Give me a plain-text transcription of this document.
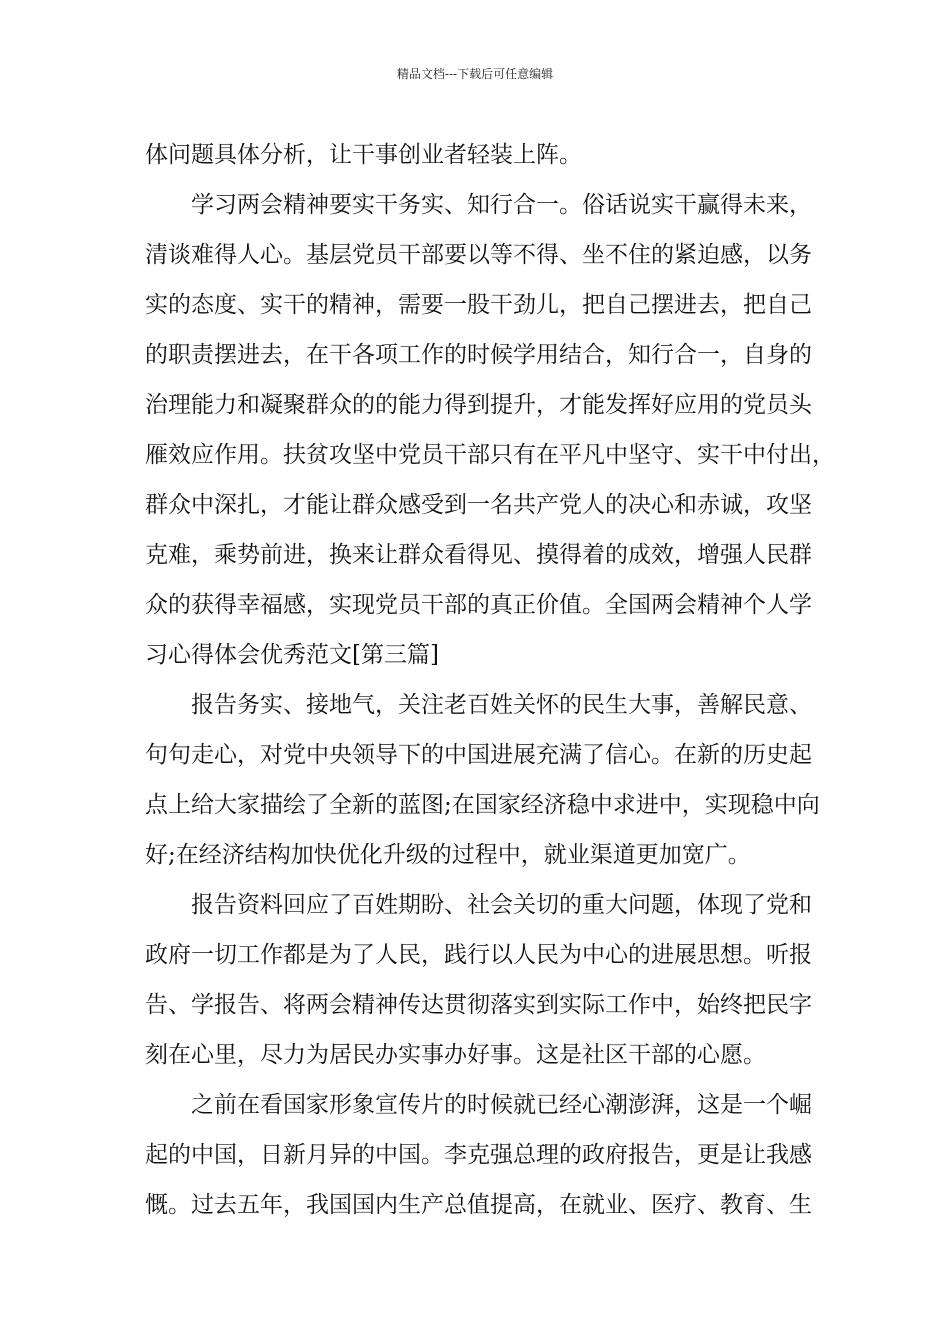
精品文档---下载后可任意编辑
体问题具体分析，让干事创业者轻装上阵。
学习两会精神要实干务实、知行合一。俗话说实干赢得未来，
清谈难得人心。基层党员干部要以等不得、坐不住的紧迫感，以务
实的态度、实干的精神，需要一股干劲儿，把自己摆进去，把自己
的职责摆进去，在干各项工作的时候学用结合，知行合一，自身的
治理能力和凝聚群众的的能力得到提升，才能发挥好应用的党员头
雁效应作用。扶贫攻坚中党员干部只有在平凡中坚守、实干中付出，
群众中深扎，才能让群众感受到一名共产党人的决心和赤诚，攻坚
克难，乘势前进，换来让群众看得见、摸得着的成效，增强人民群
众的获得幸福感，实现党员干部的真正价值。全国两会精神个人学
习心得体会优秀范文[第三篇]
报告务实、接地气，关注老百姓关怀的民生大事，善解民意、
句句走心，对党中央领导下的中国进展充满了信心。在新的历史起
点上给大家描绘了全新的蓝图;在国家经济稳中求进中，实现稳中向
好;在经济结构加快优化升级的过程中，就业渠道更加宽广。
报告资料回应了百姓期盼、社会关切的重大问题，体现了党和
政府一切工作都是为了人民，践行以人民为中心的进展思想。听报
告、学报告、将两会精神传达贯彻落实到实际工作中，始终把民字
刻在心里，尽力为居民办实事办好事。这是社区干部的心愿。
之前在看国家形象宣传片的时候就已经心潮澎湃，这是一个崛
起的中国，日新月异的中国。李克强总理的政府报告，更是让我感
慨。过去五年，我国国内生产总值提高，在就业、医疗、教育、生
